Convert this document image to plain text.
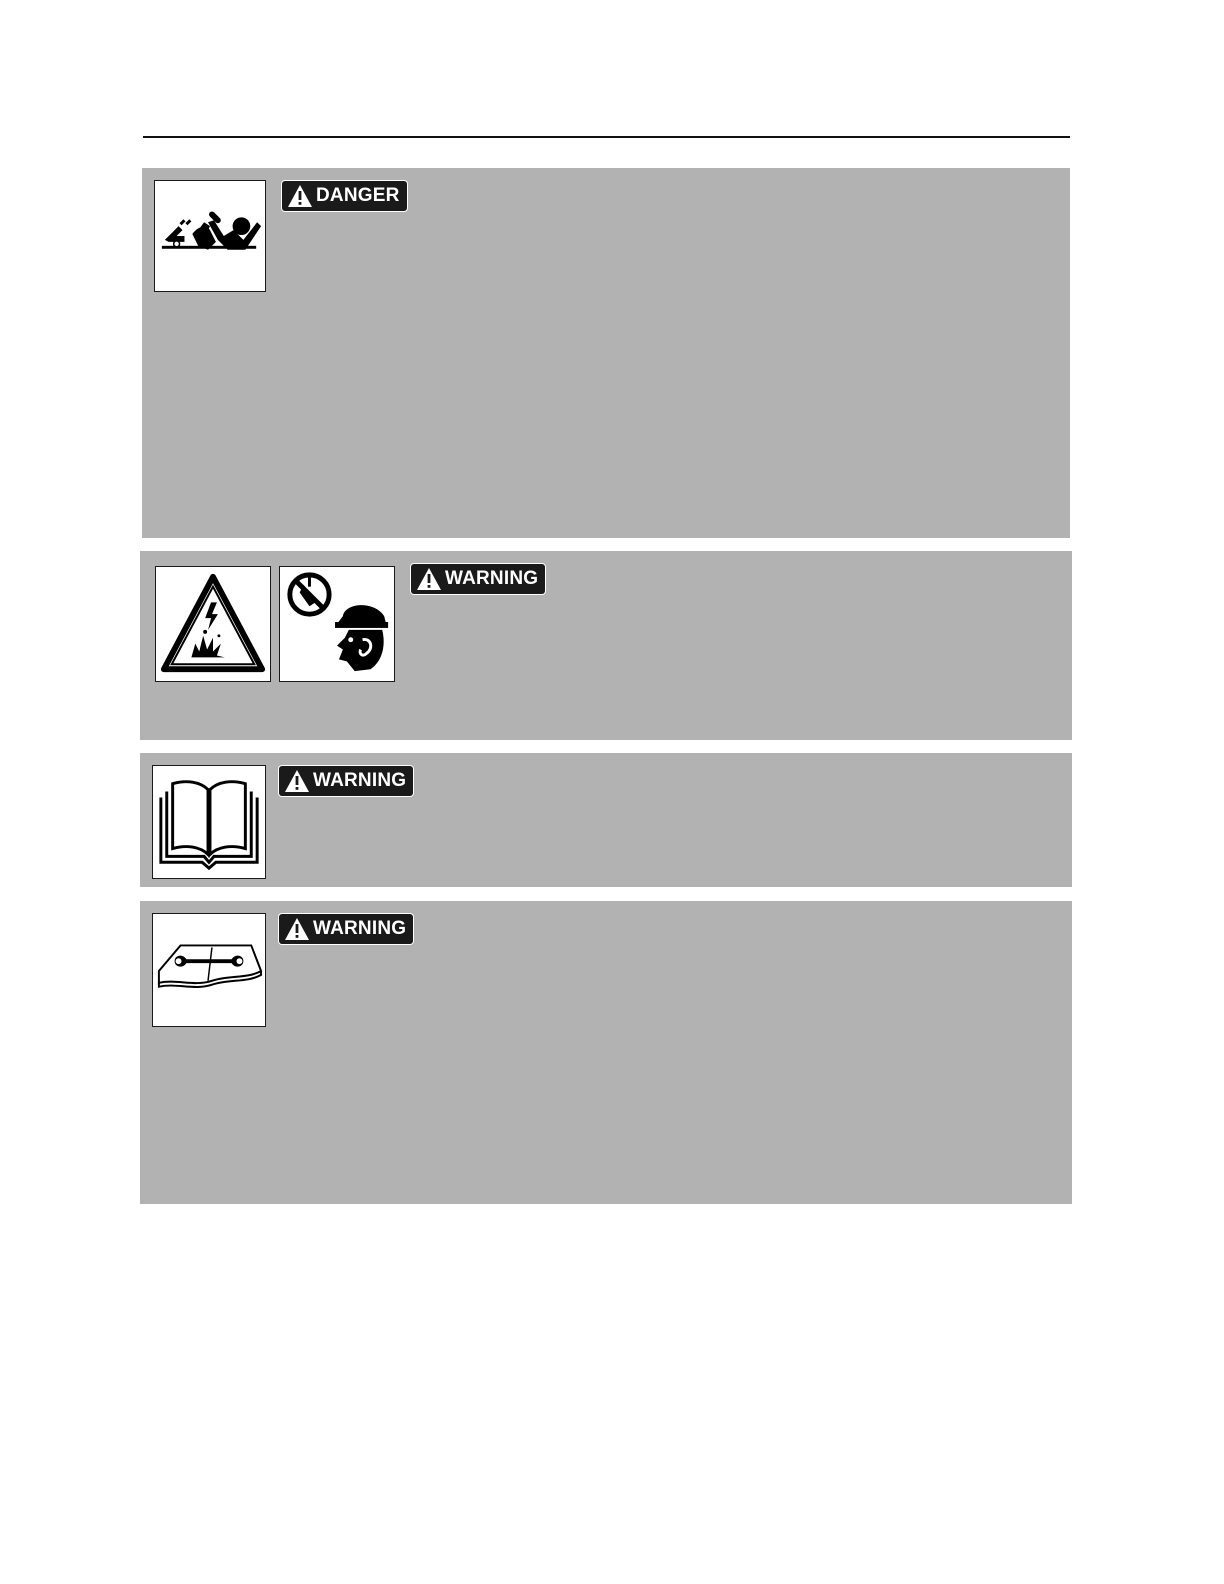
DANGER
WARNING
WARNING
WARNING
